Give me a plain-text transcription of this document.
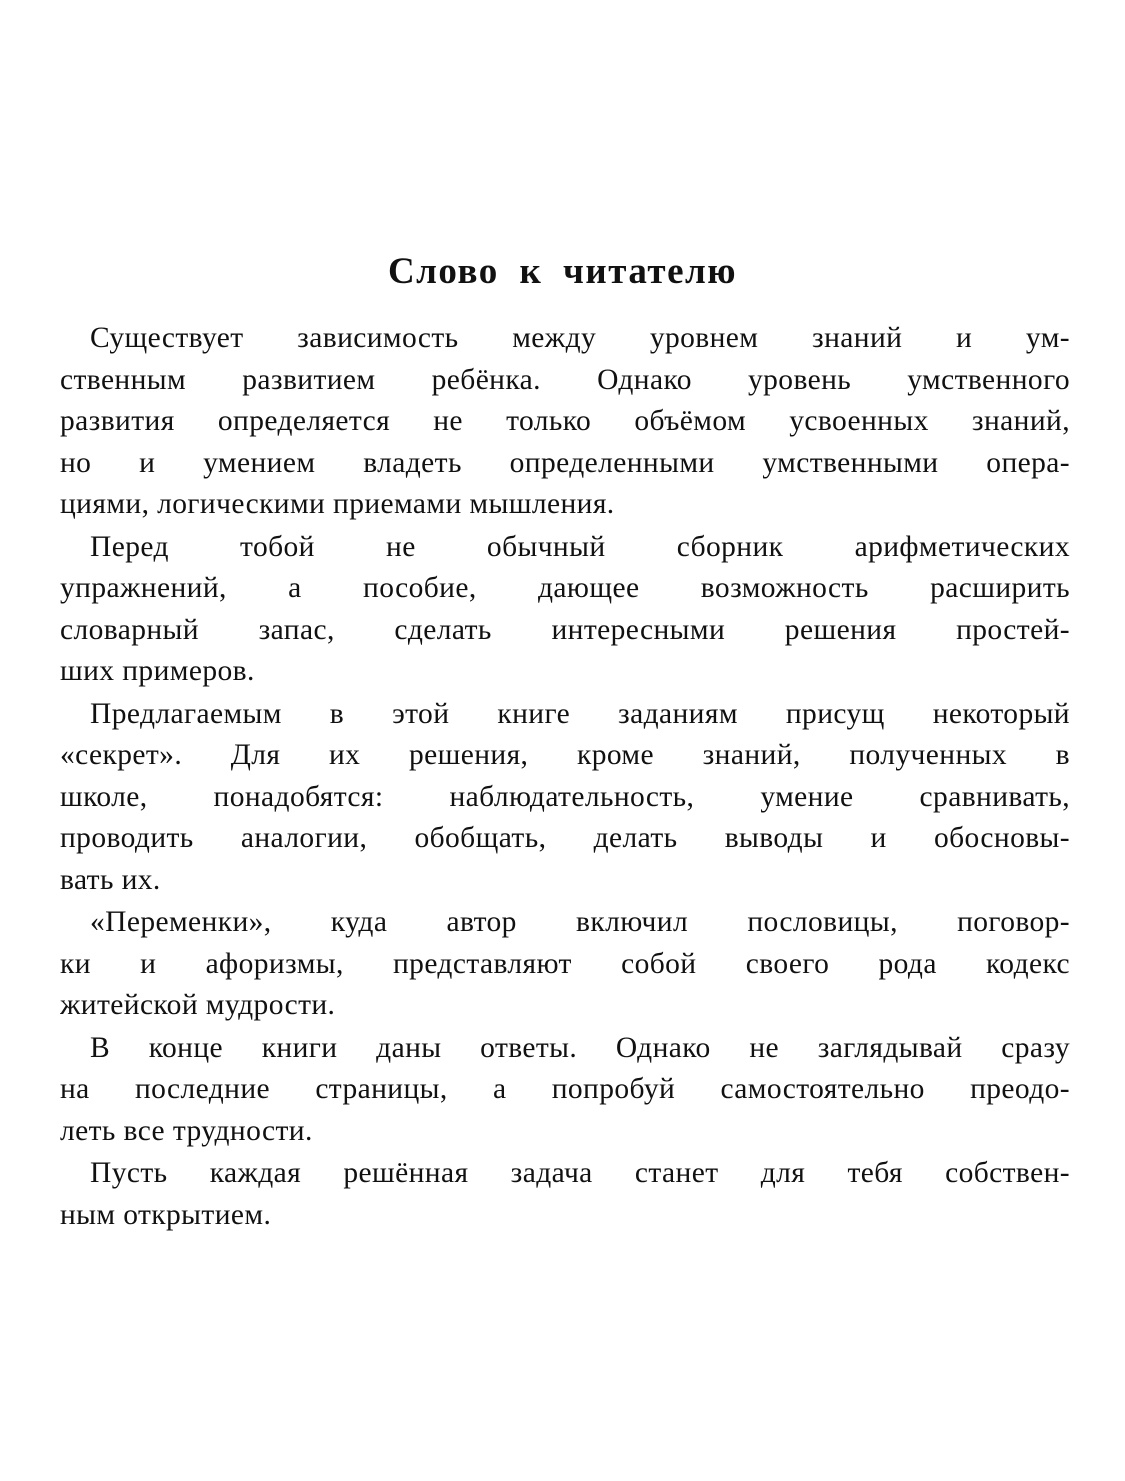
Слово к читателю
Существует зависимость между уровнем знаний и ум-
ственным развитием ребёнка. Однако уровень умственного
развития определяется не только объёмом усвоенных знаний,
но и умением владеть определенными умственными опера-
циями, логическими приемами мышления.
Перед тобой не обычный сборник арифметических
упражнений, а пособие, дающее возможность расширить
словарный запас, сделать интересными решения простей-
ших примеров.
Предлагаемым в этой книге заданиям присущ некоторый
«секрет». Для их решения, кроме знаний, полученных в
школе, понадобятся: наблюдательность, умение сравнивать,
проводить аналогии, обобщать, делать выводы и обосновы-
вать их.
«Переменки», куда автор включил пословицы, поговор-
ки и афоризмы, представляют собой своего рода кодекс
житейской мудрости.
В конце книги даны ответы. Однако не заглядывай сразу
на последние страницы, а попробуй самостоятельно преодо-
леть все трудности.
Пусть каждая решённая задача станет для тебя собствен-
ным открытием.
